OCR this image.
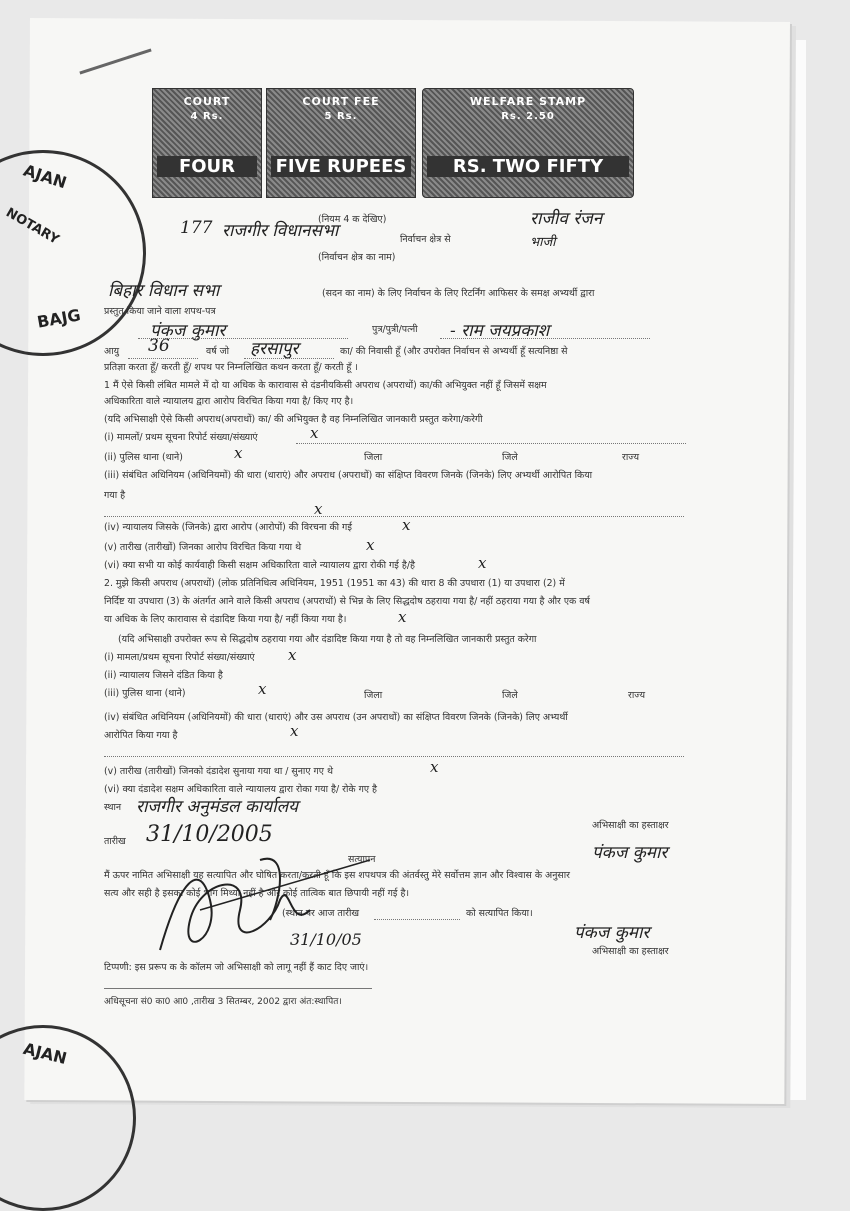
COURT
4 Rs.
FOUR
COURT FEE
5 Rs.
FIVE RUPEES
WELFARE STAMP
Rs. 2.50
RS. TWO FIFTY
AJAN
NOTARY
BAJG
AJAN
177 राजगीर विधानसभा
(नियम 4 क देखिए)
निर्वाचन क्षेत्र से
(निर्वाचन क्षेत्र का नाम)
राजीव रंजन
भाजी
बिहार विधान सभा	(सदन का नाम) के लिए निर्वाचन के लिए रिटर्निंग आफिसर के समक्ष अभ्यर्थी द्वारा
प्रस्तुत किया जाने वाला शपथ-पत्र
पंकज कुमार	पुत्र/पुत्री/पत्नी - राम जयप्रकाश
आयु 36	वर्ष जो हरसापुर	का/ की निवासी हूँ (और उपरोक्त निर्वाचन से अभ्यर्थी हूँ सत्यनिष्ठा से
प्रतिज्ञा करता हूँ/ करती हूँ/ शपथ पर निम्नलिखित कथन करता हूँ/ करती हूँ ।
1 मैं ऐसे किसी लंबित मामले में दो या अधिक के कारावास से दंडनीयकिसी अपराध (अपराधों) का/की अभियुक्त नहीं हूँ जिसमें सक्षम
अधिकारिता वाले न्यायालय द्वारा आरोप विरचित किया गया है/ किए गए है।
(यदि अभिसाक्षी ऐसे किसी अपराध(अपराधों) का/ की अभियुक्त है वह निम्नलिखित जानकारी प्रस्तुत करेगा/करेगी
(i) मामलों/ प्रथम सूचना रिपोर्ट संख्या/संख्याएं	x
(ii) पुलिस थाना (थाने)	x	जिला	जिले	राज्य
(iii) संबंधित अधिनियम (अधिनियमों) की धारा (धाराएं) और अपराध (अपराधों) का संक्षिप्त विवरण जिनके (जिनके) लिए अभ्यर्थी आरोपित किया
गया है
x
(iv) न्यायालय जिसके (जिनके) द्वारा आरोप (आरोपों) की विरचना की गई	x
(v) तारीख (तारीखों) जिनका आरोप विरचित किया गया थे	x
(vi) क्या सभी या कोई कार्यवाही किसी सक्षम अधिकारिता वाले न्यायालय द्वारा रोकी गई है/है	x
2. मुझे किसी अपराध (अपराधों) (लोक प्रतिनिधित्व अधिनियम, 1951 (1951 का 43) की धारा 8 की उपधारा (1) या उपधारा (2) में
निर्दिष्ट या उपधारा (3) के अंतर्गत आने वाले किसी अपराध (अपराधों) से भिन्न के लिए सिद्धदोष ठहराया गया है/ नहीं ठहराया गया है और एक वर्ष
या अधिक के लिए कारावास से दंडादिष्ट किया गया है/ नहीं किया गया है।	x
(यदि अभिसाक्षी उपरोक्त रूप से सिद्धदोष ठहराया गया और दंडादिष्ट किया गया है तो वह निम्नलिखित जानकारी प्रस्तुत करेगा
(i) मामला/प्रथम सूचना रिपोर्ट संख्या/संख्याएं x
(ii) न्यायालय जिसने दंडित किया है
(iii) पुलिस थाना (थाने)	x	जिला	जिले	राज्य
(iv) संबंधित अधिनियम (अधिनियमों) की धारा (धाराएं) और उस अपराध (उन अपराधों) का संक्षिप्त विवरण जिनके (जिनके) लिए अभ्यर्थी
आरोपित किया गया है	x
(v) तारीख (तारीखों) जिनको दंडादेश सुनाया गया था / सुनाए गए थे	x
(vi) क्या दंडादेश सक्षम अधिकारिता वाले न्यायालय द्वारा रोका गया है/ रोके गए है
स्थान राजगीर अनुमंडल कार्यालय
तारीख 31/10/2005	अभिसाक्षी का हस्ताक्षर
पंकज कुमार
सत्यापन
मैं ऊपर नामित अभिसाक्षी यह सत्यापित और घोषित करता/करती हूँ कि इस शपथपत्र की अंतर्वस्तु मेरे सर्वोत्तम ज्ञान और विश्वास के अनुसार
सत्य और सही है इसका कोई भाग मिथ्या नहीं है और कोई तात्विक बात छिपायी नहीं गई है।
(स्थान पर आज तारीख	को सत्यापित किया।
पंकज कुमार
अभिसाक्षी का हस्ताक्षर
31/10/05
टिप्पणी: इस प्ररूप क के कॉलम जो अभिसाक्षी को लागू नहीं हैं काट दिए जाएं।
अधिसूचना सं0 का0 आ0 ,तारीख 3 सितम्बर, 2002 द्वारा अंत:स्थापित।
